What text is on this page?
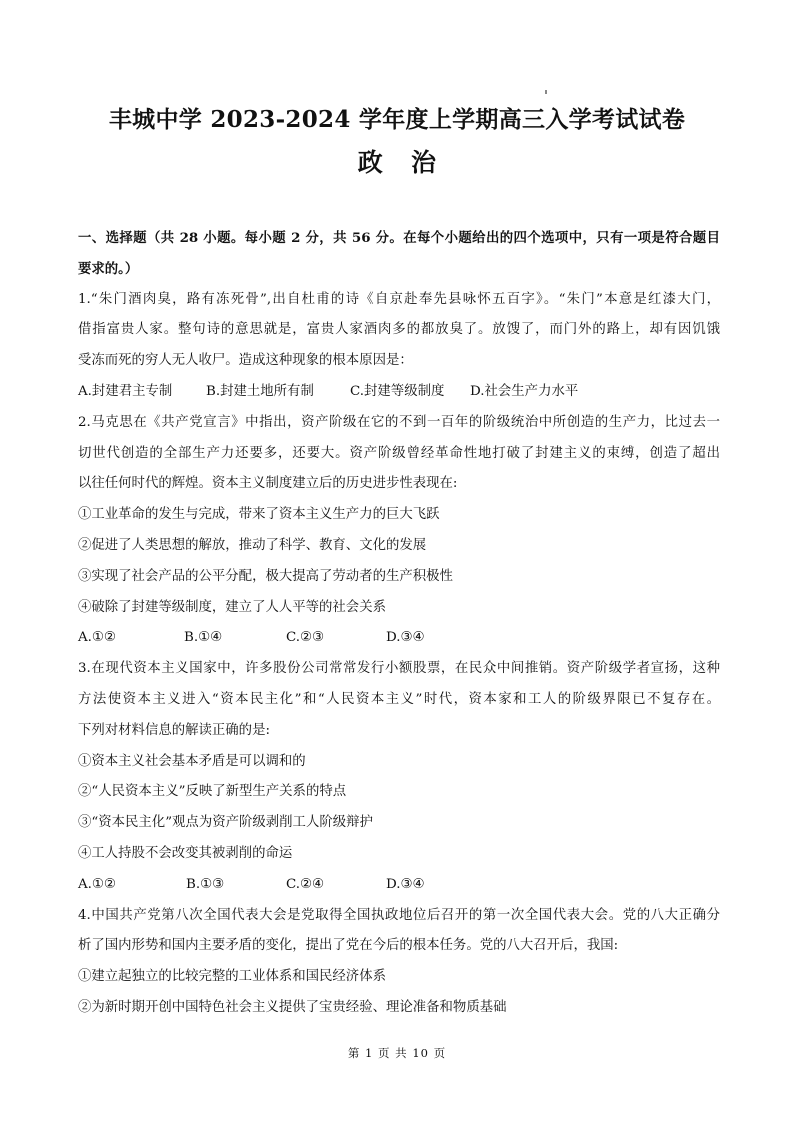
丰城中学 2023-2024 学年度上学期高三入学考试试卷
政 治
一、选择题（共 28 小题。每小题 2 分，共 56 分。在每个小题给出的四个选项中，只有一项是符合题目
要求的。）
1.“朱门酒肉臭，路有冻死骨”,出自杜甫的诗《自京赴奉先县咏怀五百字》。“朱门”本意是红漆大门，
借指富贵人家。整句诗的意思就是，富贵人家酒肉多的都放臭了。放馊了，而门外的路上，却有因饥饿
受冻而死的穷人无人收尸。造成这种现象的根本原因是：
A.封建君主专制	B.封建土地所有制	C.封建等级制度	D.社会生产力水平
2.马克思在《共产党宣言》中指出，资产阶级在它的不到一百年的阶级统治中所创造的生产力，比过去一
切世代创造的全部生产力还要多，还要大。资产阶级曾经革命性地打破了封建主义的束缚，创造了超出
以往任何时代的辉煌。资本主义制度建立后的历史进步性表现在:
①工业革命的发生与完成，带来了资本主义生产力的巨大飞跃
②促进了人类思想的解放，推动了科学、教育、文化的发展
③实现了社会产品的公平分配，极大提高了劳动者的生产积极性
④破除了封建等级制度，建立了人人平等的社会关系
A.①②	B.①④	C.②③	D.③④
3.在现代资本主义国家中，许多股份公司常常发行小额股票，在民众中间推销。资产阶级学者宣扬，这种
方法使资本主义进入“资本民主化”和“人民资本主义”时代，资本家和工人的阶级界限已不复存在。
下列对材料信息的解读正确的是:
①资本主义社会基本矛盾是可以调和的
②“人民资本主义”反映了新型生产关系的特点
③“资本民主化”观点为资产阶级剥削工人阶级辩护
④工人持股不会改变其被剥削的命运
A.①②	B.①③	C.②④	D.③④
4.中国共产党第八次全国代表大会是党取得全国执政地位后召开的第一次全国代表大会。党的八大正确分
析了国内形势和国内主要矛盾的变化，提出了党在今后的根本任务。党的八大召开后，我国:
①建立起独立的比较完整的工业体系和国民经济体系
②为新时期开创中国特色社会主义提供了宝贵经验、理论准备和物质基础
第 1 页 共 10 页
